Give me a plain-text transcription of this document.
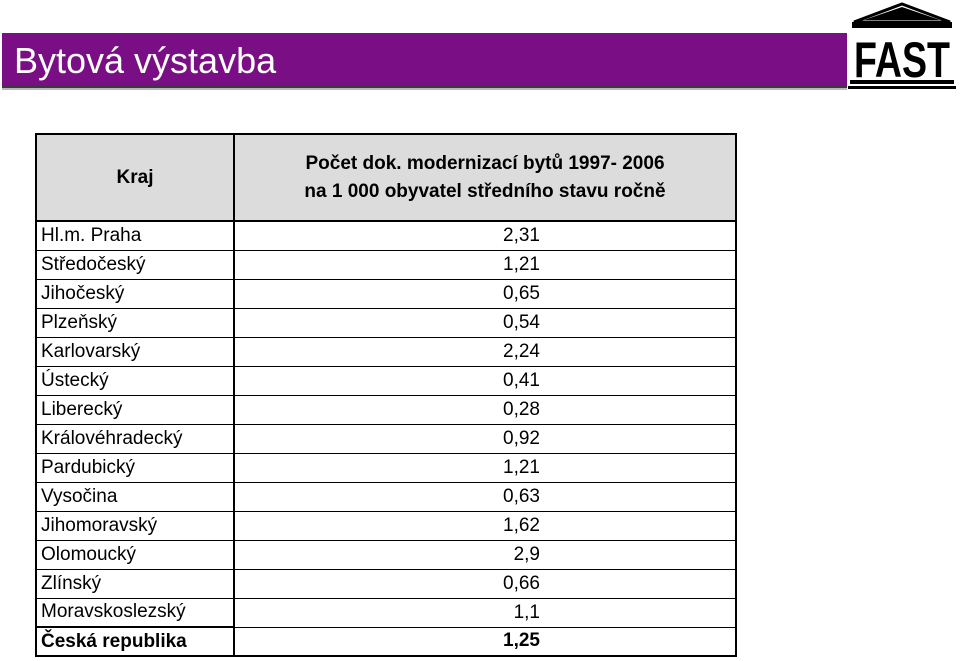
Bytová výstavba	FAST
Kraj	Počet dok. modernizací bytů 1997- 2006
na 1 000 obyvatel středního stavu ročně

Hl.m. Praha	2,31
Středočeský	1,21
Jihočeský	0,65
Plzeňský	0,54
Karlovarský	2,24
Ústecký	0,41
Liberecký	0,28
Královéhradecký	0,92
Pardubický	1,21
Vysočina	0,63
Jihomoravský	1,62
Olomoucký	2,9
Zlínský	0,66
Moravskoslezský	1,1
Česká republika	1,25
